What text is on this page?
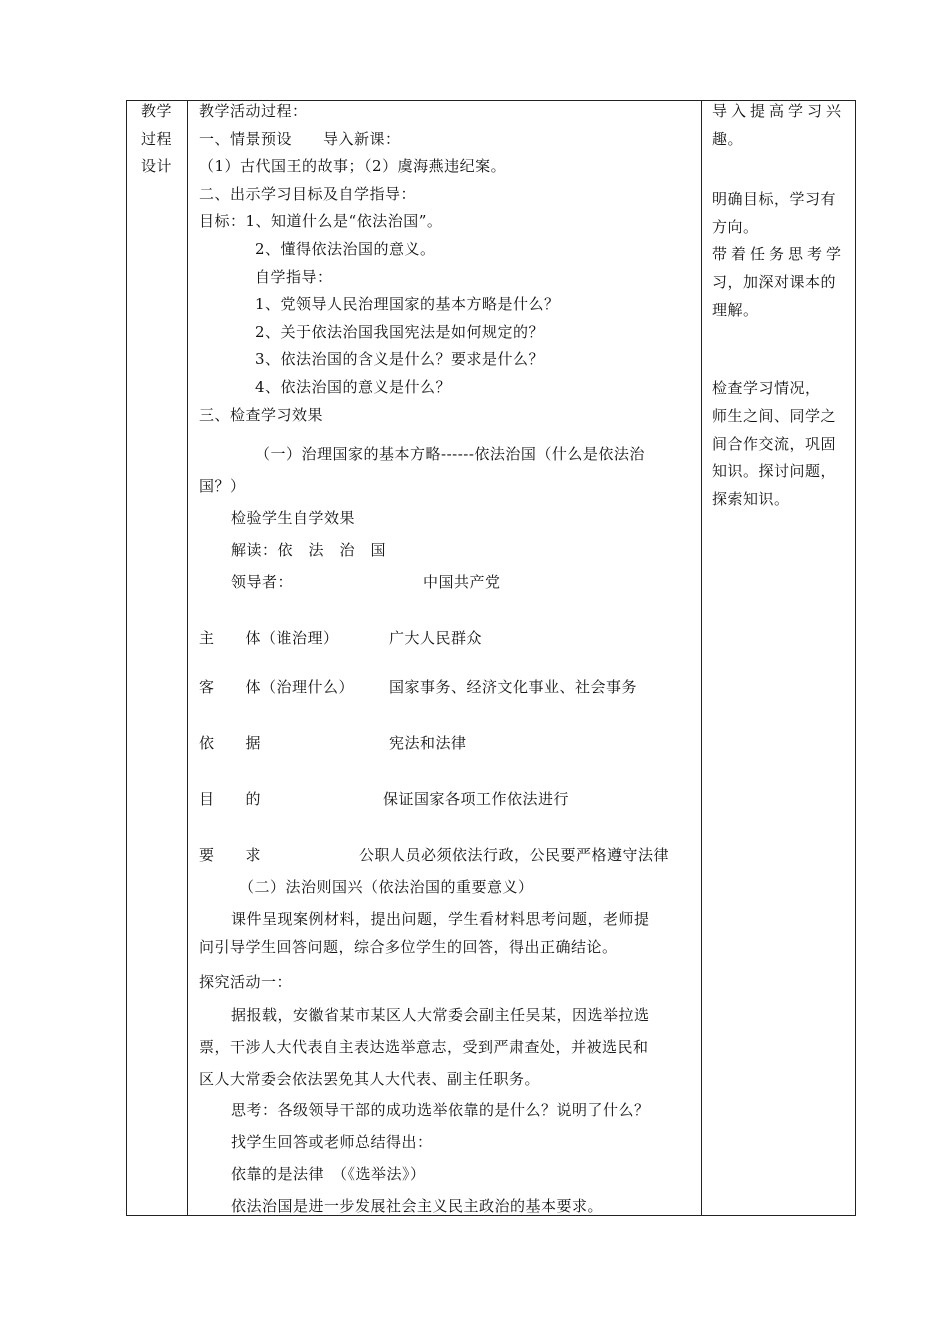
教学
过程
设计
教学活动过程：
一、情景预设　　导入新课：
（1）古代国王的故事；（2）虞海燕违纪案。
二、出示学习目标及自学指导：
目标：1、知道什么是“依法治国”。
2、懂得依法治国的意义。
自学指导：
1、党领导人民治理国家的基本方略是什么？
2、关于依法治国我国宪法是如何规定的？
3、依法治国的含义是什么？要求是什么？
4、依法治国的意义是什么？
三、检查学习效果
（一）治理国家的基本方略------依法治国（什么是依法治
国？）
检验学生自学效果
解读：依　法　治　国
领导者：	中国共产党
主　　体（谁治理）	广大人民群众
客　　体（治理什么） 国家事务、经济文化事业、社会事务
依　　据	宪法和法律
目　　的	保证国家各项工作依法进行
要　　求	公职人员必须依法行政，公民要严格遵守法律
（二）法治则国兴（依法治国的重要意义）
课件呈现案例材料，提出问题，学生看材料思考问题，老师提
问引导学生回答问题，综合多位学生的回答，得出正确结论。
探究活动一：
据报载，安徽省某市某区人大常委会副主任吴某，因选举拉选
票，干涉人大代表自主表达选举意志，受到严肃查处，并被选民和
区人大常委会依法罢免其人大代表、副主任职务。
思考：各级领导干部的成功选举依靠的是什么？说明了什么？
找学生回答或老师总结得出：
依靠的是法律　（《选举法》）
依法治国是进一步发展社会主义民主政治的基本要求。
导入提高学习兴
趣。
明确目标，学习有
方向。
带着任务思考学
习，加深对课本的
理解。
检查学习情况，
师生之间、同学之
间合作交流，巩固
知识。探讨问题，
探索知识。
